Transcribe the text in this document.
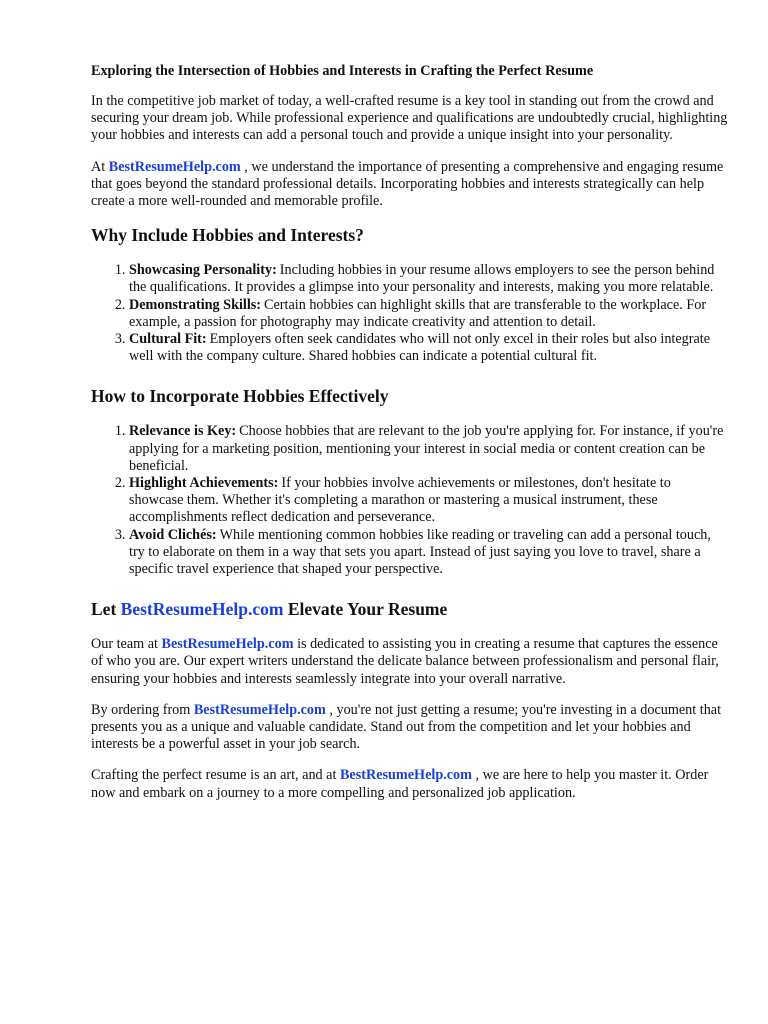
Exploring the Intersection of Hobbies and Interests in Crafting the Perfect Resume

In the competitive job market of today, a well-crafted resume is a key tool in standing out from the crowd and securing your dream job. While professional experience and qualifications are undoubtedly crucial, highlighting your hobbies and interests can add a personal touch and provide a unique insight into your personality.

At BestResumeHelp.com , we understand the importance of presenting a comprehensive and engaging resume that goes beyond the standard professional details. Incorporating hobbies and interests strategically can help create a more well-rounded and memorable profile.

Why Include Hobbies and Interests?
1. Showcasing Personality: Including hobbies in your resume allows employers to see the person behind the qualifications. It provides a glimpse into your personality and interests, making you more relatable.
2. Demonstrating Skills: Certain hobbies can highlight skills that are transferable to the workplace. For example, a passion for photography may indicate creativity and attention to detail.
3. Cultural Fit: Employers often seek candidates who will not only excel in their roles but also integrate well with the company culture. Shared hobbies can indicate a potential cultural fit.
How to Incorporate Hobbies Effectively
1. Relevance is Key: Choose hobbies that are relevant to the job you're applying for. For instance, if you're applying for a marketing position, mentioning your interest in social media or content creation can be beneficial.
2. Highlight Achievements: If your hobbies involve achievements or milestones, don't hesitate to showcase them. Whether it's completing a marathon or mastering a musical instrument, these accomplishments reflect dedication and perseverance.
3. Avoid Clichés: While mentioning common hobbies like reading or traveling can add a personal touch, try to elaborate on them in a way that sets you apart. Instead of just saying you love to travel, share a specific travel experience that shaped your perspective.
Let BestResumeHelp.com Elevate Your Resume

Our team at BestResumeHelp.com is dedicated to assisting you in creating a resume that captures the essence of who you are. Our expert writers understand the delicate balance between professionalism and personal flair, ensuring your hobbies and interests seamlessly integrate into your overall narrative.

By ordering from BestResumeHelp.com , you're not just getting a resume; you're investing in a document that presents you as a unique and valuable candidate. Stand out from the competition and let your hobbies and interests be a powerful asset in your job search.

Crafting the perfect resume is an art, and at BestResumeHelp.com , we are here to help you master it. Order now and embark on a journey to a more compelling and personalized job application.
